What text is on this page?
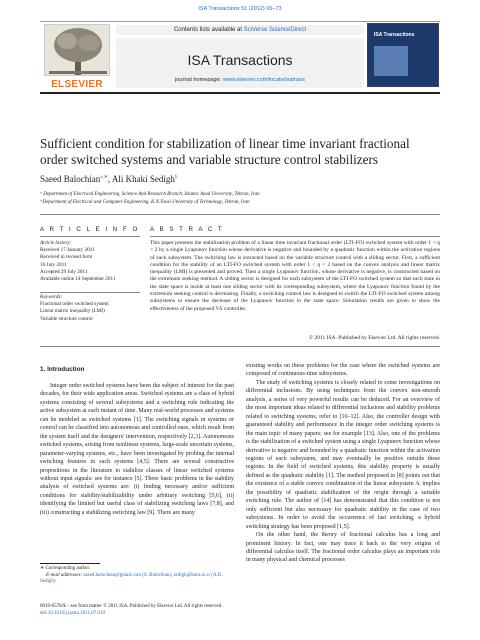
ISA Transactions 51 (2012) 65–73
ELSEVIER
Contents lists available at SciVerse ScienceDirect
ISA Transactions
journal homepage: www.elsevier.com/locate/isatrans
ISA Transactions
Sufficient condition for stabilization of linear time invariant fractional order switched systems and variable structure control stabilizers
Saeed Balochian$^{a,∗}$, Ali Khaki Sedigh$^b$
ᵃ Department of Electrical Engineering, Science And Research Branch, Islamic Azad University, Tehran, Iran
ᵇ Department of Electrical and Computer Engineering, K.N.Toosi University of Technology, Tehran, Iran
A R T I C L E I N F O A B S T R A C T
Article history:
Received 17 January 2011
Received in revised form
16 July 2011
Accepted 29 July 2011
Available online 14 September 2011
Keywords:
Fractional order switched system
Linear matrix inequality (LMI)
Variable structure control
This paper presents the stabilization problem of a linear time invariant fractional order (LTI-FO) switched system with order 1 < q < 2 by a single Lyapunov function whose derivative is negative and bounded by a quadratic function within the activation regions of each subsystem. The switching law is extracted based on the variable structure control with a sliding sector. First, a sufficient condition for the stability of an LTI-FO switched system with order 1 < q < 2 based on the convex analysis and linear matrix inequality (LMI) is presented and proved. Then a single Lyapunov function, whose derivative is negative, is constructed based on the extremum seeking method. A sliding sector is designed for each subsystem of the LTI-FO switched system so that each state in the state space is inside at least one sliding sector with its corresponding subsystem, where the Lyapunov function found by the extremum seeking control is decreasing. Finally, a switching control law is designed to switch the LTI-FO switched system among subsystems to ensure the decrease of the Lyapunov function in the state space. Simulation results are given to show the effectiveness of the proposed VS controller.
© 2011 ISA. Published by Elsevier Ltd. All rights reserved.
1. Introduction

Integer order switched systems have been the subject of interest for the past decades, for their wide application areas. Switched systems are a class of hybrid systems consisting of several subsystems and a switching rule indicating the active subsystem at each instant of time. Many real-world processes and systems can be modeled as switched systems [1]. The switching signals in systems or control can be classified into autonomous and controlled ones, which result from the system itself and the designers' intervention, respectively [2,3]. Autonomous switched systems, arising from nonlinear systems, large-scale uncertain systems, parameter-varying systems, etc., have been investigated by probing the internal switching features in such systems [4,5]. There are several constructive propositions in the literature to stabilize classes of linear switched systems without input signals: see for instance [5]. Three basic problems in the stability analysis of switched systems are: (i) finding necessary and/or sufficient conditions for stability/stabilizability under arbitrary switching [5,6], (ii) identifying the limited but useful class of stabilizing switching laws [7,8], and (iii) constructing a stabilizing switching law [9]. There are many

existing works on these problems for the case where the switched systems are composed of continuous-time subsystems.

The study of switching systems is closely related to some investigations on differential inclusions. By using techniques from the convex non-smooth analysis, a series of very powerful results can be deduced. For an overview of the most important ideas related to differential inclusions and stability problems related to switching systems, refer to [10–12]. Also, the controller design with guaranteed stability and performance in the integer order switching systems is the main topic of many papers; see for example [13]. Also, one of the problems is the stabilization of a switched system using a single Lyapunov function whose derivative is negative and bounded by a quadratic function within the activation regions of each subsystem, and may eventually be positive outside these regions. In the field of switched systems, this stability property is usually defined as the quadratic stability [1]. The method proposed in [8] points out that the existence of a stable convex combination of the linear subsystem Aᵢ implies the possibility of quadratic stabilization of the origin through a suitable switching rule. The author of [14] has demonstrated that this condition is not only sufficient but also necessary for quadratic stability in the case of two subsystems. In order to avoid the occurrence of fast switching, a hybrid switching strategy has been proposed [1,5].

On the other hand, the theory of fractional calculus has a long and prominent history. In fact, one may trace it back to the very origins of differential calculus itself. The fractional order calculus plays an important role in many physical and chemical processes

∗ Corresponding author.
E-mail addresses: saeed.balochian@gmail.com (S. Balochian), sedigh@kntu.ac.ir (A.K. Sedigh).
0019-0578/$ – see front matter © 2011 ISA. Published by Elsevier Ltd. All rights reserved.
doi:10.1016/j.isatra.2011.07.010
